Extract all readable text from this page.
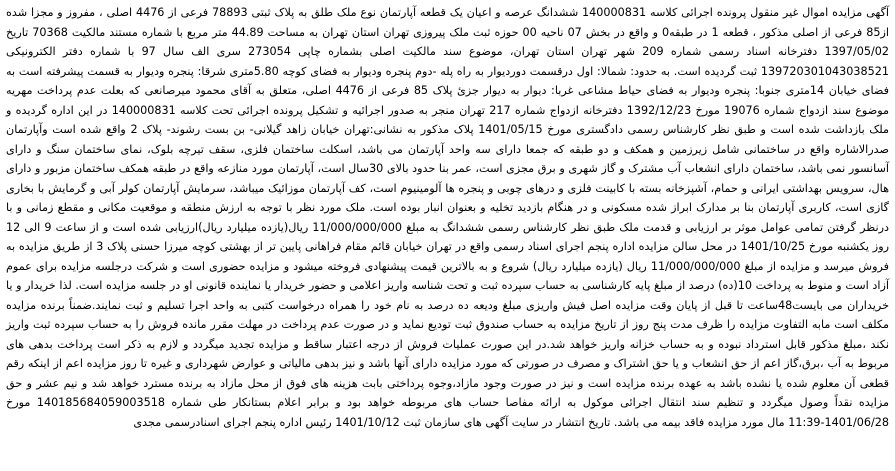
آگهی مزایده اموال غیر منقول پرونده اجرائی کلاسه 140000831 ششدانگ عرصه و اعیان یک قطعه آپارتمان نوع ملک طلق به پلاک ثبتی 78893 فرعی از 4476 اصلی ، مفروز و مجزا شده از85 فرعی از اصلی مذکور ، قطعه 1 در طبقه0 و واقع در بخش 07 ناحیه 00 حوزه ثبت ملک پیروزی تهران استان تهران به مساحت 44.89 متر مربع با شماره مستند مالکیت 70368 تاریخ 1397/05/02 دفترخانه اسناد رسمی شماره 209 شهر تهران استان تهران، موضوع سند مالکیت اصلی بشماره چاپی 273054 سری الف سال 97 با شماره دفتر الکترونیکی 139720301043038521 ثبت گردیده است. به حدود: شمالا: اول درقسمت دوردیوار به راه پله -دوم پنجره ودیوار به فضای کوچه 5.80متری شرقا: پنجره ودیوار به قسمت پیشرفته است به فضای خیابان 14متری جنوبا: پنجره ودیوار به فضای حیاط مشاعی غربا: دیوار به دیوار جزئ پلاک 85 فرعی از 4476 اصلی، متعلق به آقای محمود میرصانعی که بعلت عدم پرداخت مهریه موضوع سند ازدواج شماره 19076 مورخ 1392/12/23 دفترخانه ازدواج شماره 217 تهران منجر به صدور اجرائیه و تشکیل پرونده اجرائی تحت کلاسه 140000831 در این اداره گردیده و ملک بازداشت شده است و طبق نظر کارشناس رسمی دادگستری مورخ 1401/05/15 پلاک مذکور به نشانی:تهران خیابان زاهد گیلانی- بن بست رشوند- پلاک 2 واقع شده است وآپارتمان صدرالاشاره واقع در ساختمانی شامل زیرزمین و همکف و دو طبقه که جمعا دارای سه واحد آپارتمان می باشد، اسکلت ساختمان فلزی، سقف تیرچه بلوک، نمای ساختمان سنگ و دارای آسانسور نمی باشد، ساختمان دارای انشعاب آب مشترک و گاز شهری و برق مجزی است، عمر بنا حدود بالای 30سال است، آپارتمان مورد منازعه واقع در طبقه همکف ساختمان مزبور و دارای هال، سرویس بهداشتی ایرانی و حمام، آشپزخانه بسته با کابینت فلزی و درهای چوبی و پنجره ها آلومینیوم است، کف آپارتمان موزائیک میباشد، سرمایش آپارتمان کولر آبی و گرمایش با بخاری گازی است، کاربری آپارتمان بنا بر مدارک ابراز شده مسکونی و در هنگام بازدید تخلیه و بعنوان انبار بوده است. ملک مورد نظر با توجه به ارزش منطقه و موقعیت مکانی و مقطع زمانی و با درنظر گرفتن تمامی عوامل موثر بر ارزیابی و قدمت ملک طبق نظر کارشناس رسمی ششدانگ به مبلغ 11/000/000/000 ریال(یازده میلیارد ریال)ارزیابی شده است و از ساعت 9 الی 12 روز یکشنبه مورخ 1401/10/25 در محل سالن مزایده اداره پنجم اجرای اسناد رسمی واقع در تهران خیابان قائم مقام فراهانی پایین تر از بهشتی کوچه میرزا حسنی پلاک 3 از طریق مزایده به فروش میرسد و مزایده از مبلغ 11/000/000/000 ریال (یازده میلیارد ریال) شروع و به بالاترین قیمت پیشنهادی فروخته میشود و مزایده حضوری است و شرکت درجلسه مزایده برای عموم آزاد است و منوط به پرداخت 10(ده) درصد از مبلغ پایه کارشناسی به حساب سپرده ثبت و تحت شناسه واریز اعلامی و حضور خریدار یا نماینده قانونی او در جلسه مزایده است. لذا خریدار و یا خریداران می بایست48ساعت تا قبل از پایان وقت مزایده اصل فیش واریزی مبلغ ودیعه ده درصد به نام خود را همراه درخواست کتبی به واحد اجرا تسلیم و ثبت نمایند.ضمناً برنده مزایده مکلف است مابه التفاوت مزایده را ظرف مدت پنج روز از تاریخ مزایده به حساب صندوق ثبت تودیع نماید و در صورت عدم پرداخت در مهلت مقرر مانده فروش را به حساب سپرده ثبت واریز نکند ،مبلغ مذکور قابل استرداد نبوده و به حساب خزانه واریز خواهد شد.در این صورت عملیات فروش از درجه اعتبار ساقط و مزایده تجدید میگردد و لازم به ذکر است پرداخت بدهی های مربوط به آب ،برق،گاز اعم از حق انشعاب و یا حق اشتراک و مصرف در صورتی که مورد مزایده دارای آنها باشد و نیز بدهی مالیاتی و عوارض شهرداری و غیره تا روز مزایده اعم از اینکه رقم قطعی آن معلوم شده یا نشده باشد به عهده برنده مزایده است و نیز در صورت وجود مازاد،وجوه پرداختی بابت هزینه های فوق از محل مازاد به برنده مسترد خواهد شد و نیم عشر و حق مزایده نقداً وصول میگردد و تنظیم سند انتقال اجرائی موکول به ارائه مفاصا حساب های مربوطه خواهد بود و برابر اعلام بستانکار طی شماره 140185684059003518 مورخ 1401/06/28-11:39 مال مورد مزایده فاقد بیمه می باشد. تاریخ انتشار در سایت آگهی های سازمان ثبت 1401/10/12 رئیس اداره پنجم اجرای اسنادرسمی مجدی
